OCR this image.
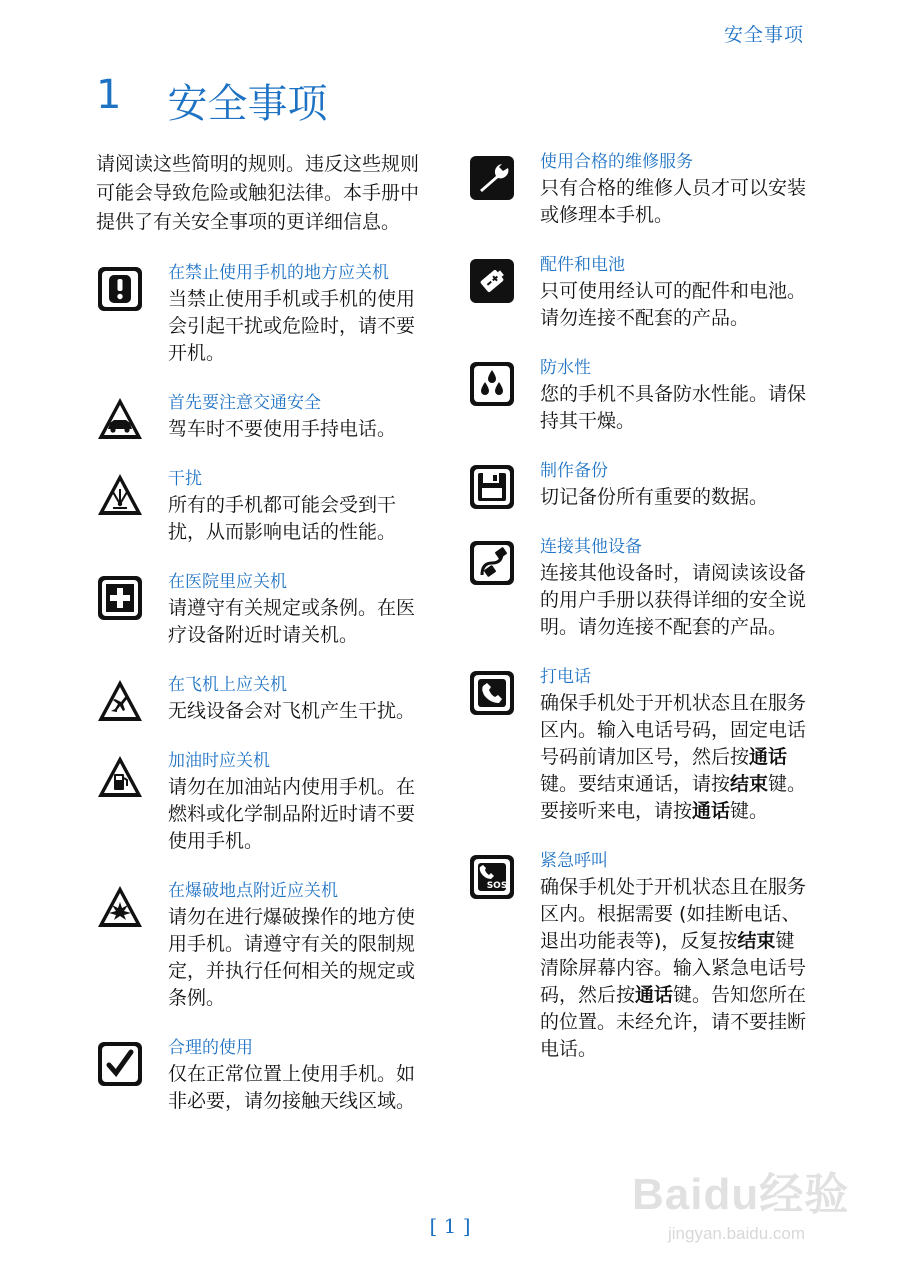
安全事项
1 安全事项

请阅读这些简明的规则。违反这些规则可能会导致危险或触犯法律。本手册中提供了有关安全事项的更详细信息。

在禁止使用手机的地方应关机
当禁止使用手机或手机的使用会引起干扰或危险时，请不要开机。
首先要注意交通安全
驾车时不要使用手持电话。
干扰
所有的手机都可能会受到干扰，从而影响电话的性能。
在医院里应关机
请遵守有关规定或条例。在医疗设备附近时请关机。
在飞机上应关机
无线设备会对飞机产生干扰。
加油时应关机
请勿在加油站内使用手机。在燃料或化学制品附近时请不要使用手机。
在爆破地点附近应关机
请勿在进行爆破操作的地方使用手机。请遵守有关的限制规定，并执行任何相关的规定或条例。
合理的使用
仅在正常位置上使用手机。如非必要，请勿接触天线区域。
使用合格的维修服务
只有合格的维修人员才可以安装或修理本手机。
配件和电池
只可使用经认可的配件和电池。请勿连接不配套的产品。
防水性
您的手机不具备防水性能。请保持其干燥。
制作备份
切记备份所有重要的数据。
连接其他设备
连接其他设备时，请阅读该设备的用户手册以获得详细的安全说明。请勿连接不配套的产品。
打电话
确保手机处于开机状态且在服务区内。输入电话号码，固定电话号码前请加区号，然后按通话键。要结束通话，请按结束键。要接听来电，请按通话键。
SOS
紧急呼叫
确保手机处于开机状态且在服务区内。根据需要 (如挂断电话、退出功能表等)，反复按结束键清除屏幕内容。输入紧急电话号码，然后按通话键。告知您所在的位置。未经允许，请不要挂断电话。
[ 1 ]
Baidu经验
jingyan.baidu.com
